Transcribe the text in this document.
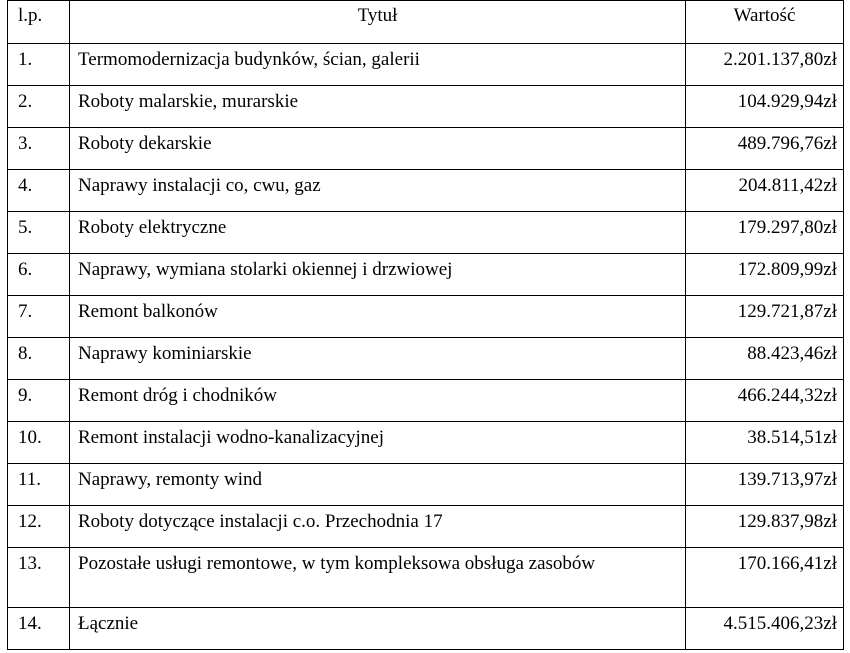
l.p.	Tytuł	Wartość
1.	Termomodernizacja budynków, ścian, galerii	2.201.137,80zł
2.	Roboty malarskie, murarskie	104.929,94zł
3.	Roboty dekarskie	489.796,76zł
4.	Naprawy instalacji co, cwu, gaz	204.811,42zł
5.	Roboty elektryczne	179.297,80zł
6.	Naprawy, wymiana stolarki okiennej i drzwiowej	172.809,99zł
7.	Remont balkonów	129.721,87zł
8.	Naprawy kominiarskie	88.423,46zł
9.	Remont dróg i chodników	466.244,32zł
10.	Remont instalacji wodno-kanalizacyjnej	38.514,51zł
11.	Naprawy, remonty wind	139.713,97zł
12.	Roboty dotyczące instalacji c.o. Przechodnia 17	129.837,98zł
13.	Pozostałe usługi remontowe, w tym kompleksowa obsługa zasobów	170.166,41zł
14.	Łącznie	4.515.406,23zł
